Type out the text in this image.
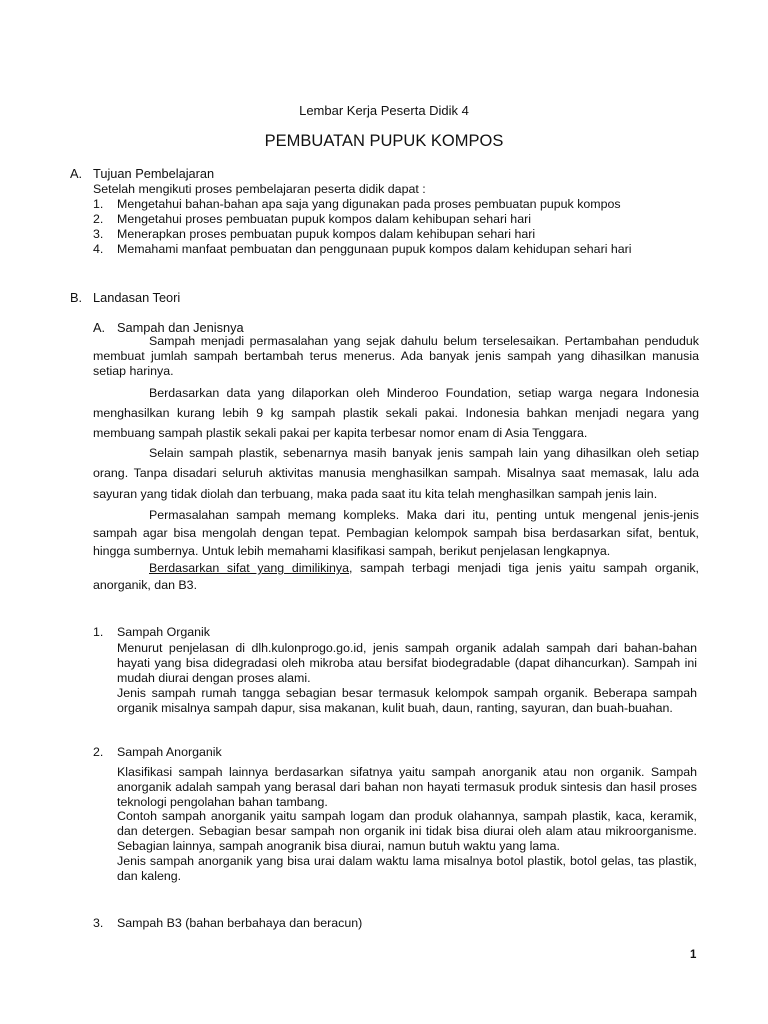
Lembar Kerja Peserta Didik 4
PEMBUATAN PUPUK KOMPOS
A. Tujuan Pembelajaran
Setelah mengikuti proses pembelajaran peserta didik dapat :
1.	Mengetahui bahan-bahan apa saja yang digunakan pada proses pembuatan pupuk kompos
2.	Mengetahui proses pembuatan pupuk kompos dalam kehibupan sehari hari
3.	Menerapkan proses pembuatan pupuk kompos dalam kehibupan sehari hari
4.	Memahami manfaat pembuatan dan penggunaan pupuk kompos dalam kehidupan sehari hari
B. Landasan Teori
A. Sampah dan Jenisnya

Sampah menjadi permasalahan yang sejak dahulu belum terselesaikan. Pertambahan penduduk membuat jumlah sampah bertambah terus menerus. Ada banyak jenis sampah yang dihasilkan manusia setiap harinya.

Berdasarkan data yang dilaporkan oleh Minderoo Foundation, setiap warga negara Indonesia menghasilkan kurang lebih 9 kg sampah plastik sekali pakai. Indonesia bahkan menjadi negara yang membuang sampah plastik sekali pakai per kapita terbesar nomor enam di Asia Tenggara.

Selain sampah plastik, sebenarnya masih banyak jenis sampah lain yang dihasilkan oleh setiap orang. Tanpa disadari seluruh aktivitas manusia menghasilkan sampah. Misalnya saat memasak, lalu ada sayuran yang tidak diolah dan terbuang, maka pada saat itu kita telah menghasilkan sampah jenis lain.

Permasalahan sampah memang kompleks. Maka dari itu, penting untuk mengenal jenis-jenis sampah agar bisa mengolah dengan tepat. Pembagian kelompok sampah bisa berdasarkan sifat, bentuk, hingga sumbernya. Untuk lebih memahami klasifikasi sampah, berikut penjelasan lengkapnya.

Berdasarkan sifat yang dimilikinya, sampah terbagi menjadi tiga jenis yaitu sampah organik, anorganik, dan B3.

1. Sampah Organik

Menurut penjelasan di dlh.kulonprogo.go.id, jenis sampah organik adalah sampah dari bahan-bahan hayati yang bisa didegradasi oleh mikroba atau bersifat biodegradable (dapat dihancurkan). Sampah ini mudah diurai dengan proses alami.

Jenis sampah rumah tangga sebagian besar termasuk kelompok sampah organik. Beberapa sampah organik misalnya sampah dapur, sisa makanan, kulit buah, daun, ranting, sayuran, dan buah-buahan.

2. Sampah Anorganik

Klasifikasi sampah lainnya berdasarkan sifatnya yaitu sampah anorganik atau non organik. Sampah anorganik adalah sampah yang berasal dari bahan non hayati termasuk produk sintesis dan hasil proses teknologi pengolahan bahan tambang.

Contoh sampah anorganik yaitu sampah logam dan produk olahannya, sampah plastik, kaca, keramik, dan detergen. Sebagian besar sampah non organik ini tidak bisa diurai oleh alam atau mikroorganisme. Sebagian lainnya, sampah anogranik bisa diurai, namun butuh waktu yang lama.

Jenis sampah anorganik yang bisa urai dalam waktu lama misalnya botol plastik, botol gelas, tas plastik, dan kaleng.

3. Sampah B3 (bahan berbahaya dan beracun)
1
